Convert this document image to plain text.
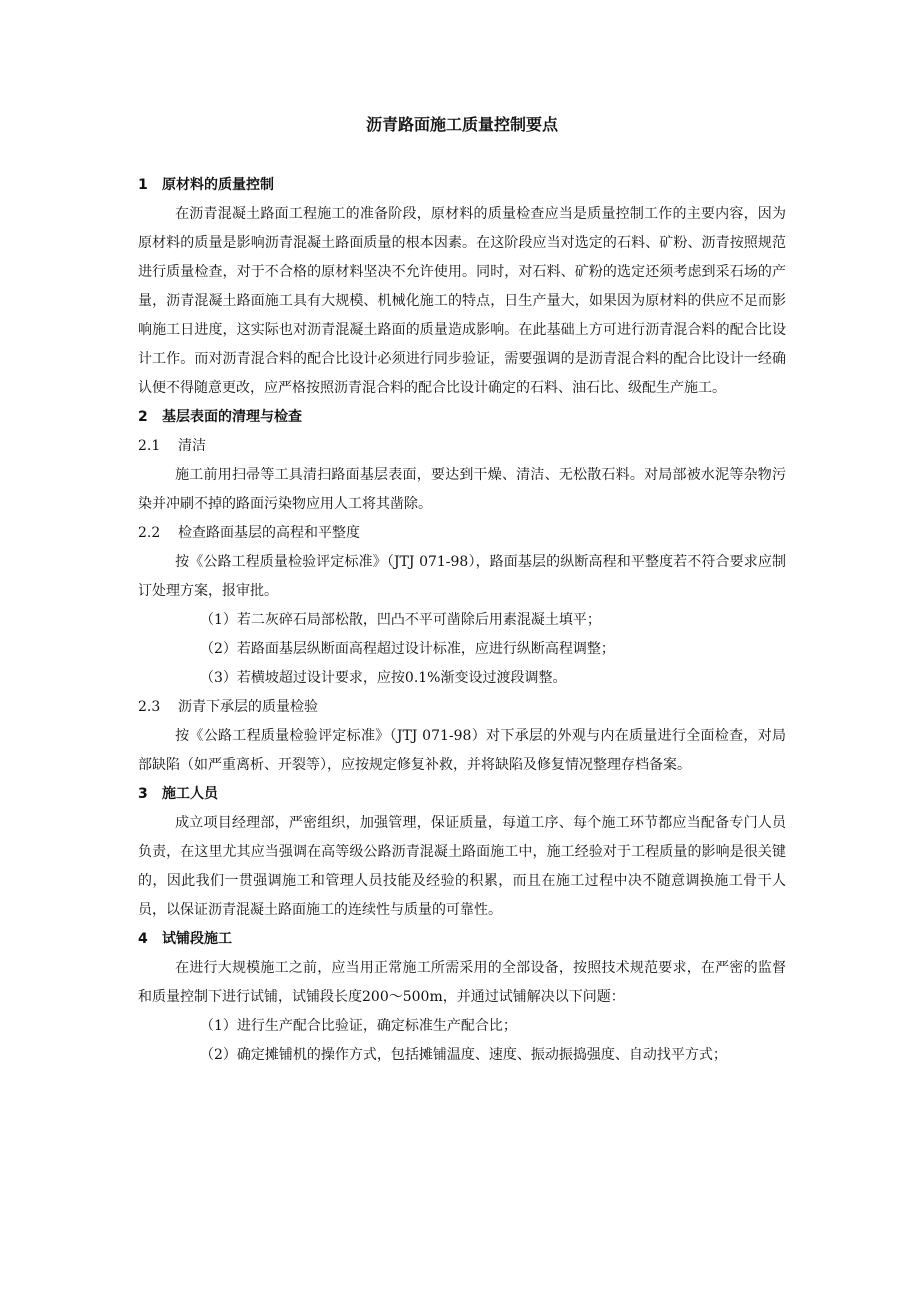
沥青路面施工质量控制要点
1 原材料的质量控制

在沥青混凝土路面工程施工的准备阶段，原材料的质量检查应当是质量控制工作的主要内容，因为原材料的质量是影响沥青混凝土路面质量的根本因素。在这阶段应当对选定的石料、矿粉、沥青按照规范进行质量检查，对于不合格的原材料坚决不允许使用。同时，对石料、矿粉的选定还须考虑到采石场的产量，沥青混凝土路面施工具有大规模、机械化施工的特点，日生产量大，如果因为原材料的供应不足而影响施工日进度，这实际也对沥青混凝土路面的质量造成影响。在此基础上方可进行沥青混合料的配合比设计工作。而对沥青混合料的配合比设计必须进行同步验证，需要强调的是沥青混合料的配合比设计一经确认便不得随意更改，应严格按照沥青混合料的配合比设计确定的石料、油石比、级配生产施工。

2 基层表面的清理与检查
2.1 清洁

施工前用扫帚等工具清扫路面基层表面，要达到干燥、清洁、无松散石料。对局部被水泥等杂物污染并冲刷不掉的路面污染物应用人工将其凿除。

2.2 检查路面基层的高程和平整度

按《公路工程质量检验评定标准》（JTJ 071-98），路面基层的纵断高程和平整度若不符合要求应制订处理方案，报审批。

（1）若二灰碎石局部松散，凹凸不平可凿除后用素混凝土填平；

（2）若路面基层纵断面高程超过设计标准，应进行纵断高程调整；

（3）若横坡超过设计要求，应按0.1%渐变设过渡段调整。

2.3 沥青下承层的质量检验

按《公路工程质量检验评定标准》（JTJ 071-98）对下承层的外观与内在质量进行全面检查，对局部缺陷（如严重离析、开裂等），应按规定修复补救，并将缺陷及修复情况整理存档备案。

3 施工人员

成立项目经理部，严密组织，加强管理，保证质量，每道工序、每个施工环节都应当配备专门人员负责，在这里尤其应当强调在高等级公路沥青混凝土路面施工中，施工经验对于工程质量的影响是很关键的，因此我们一贯强调施工和管理人员技能及经验的积累，而且在施工过程中决不随意调换施工骨干人员，以保证沥青混凝土路面施工的连续性与质量的可靠性。

4 试铺段施工

在进行大规模施工之前，应当用正常施工所需采用的全部设备，按照技术规范要求，在严密的监督和质量控制下进行试铺，试铺段长度200～500m，并通过试铺解决以下问题：

（1）进行生产配合比验证，确定标准生产配合比；

（2）确定摊铺机的操作方式，包括摊铺温度、速度、振动振捣强度、自动找平方式；
